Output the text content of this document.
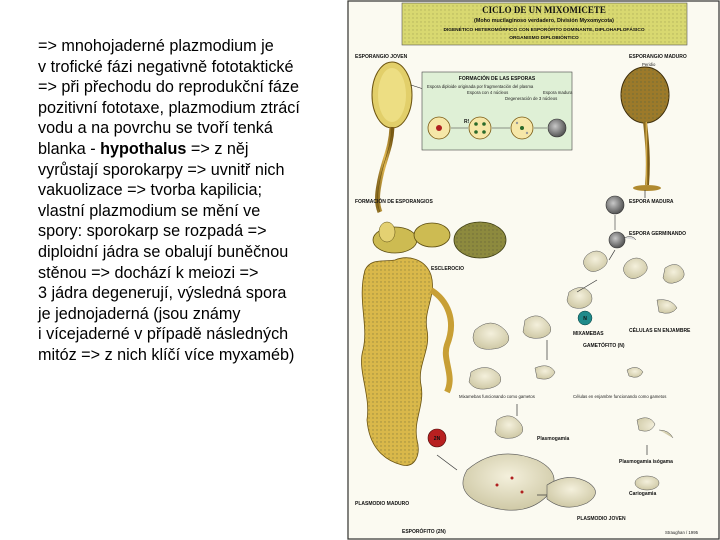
=> mnohojaderné plazmodium je
v trofické fázi negativně fototaktické
=> při přechodu do reprodukční fáze
pozitivní fototaxe, plazmodium ztrácí
vodu a na povrchu se tvoří tenká
blanka - hypothalus => z něj
vyrůstají sporokarpy => uvnitř nich
vakuolizace => tvorba kapilicia;
vlastní plazmodium se mění ve
spory: sporokarp se rozpadá =>
diploidní jádra se obalují buněčnou
stěnou => dochází k meiozi =>
3 jádra degenerují, výsledná spora
je jednojaderná (jsou známy
i vícejaderné v případě následných
mitóz => z nich klíčí více myxaméb)
CICLO DE UN MIXOMICETE
(Moho mucilaginoso verdadero, División Myxomycota)
DIGENÉTICO HETEROMÓRFICO CON ESPORÓFITO DOMINANTE, DIPLOHAPLOFÁSICO
ORGANISMO DIPLOBIÓNTICO
ESPORANGIO JOVEN
FORMACIÓN DE LAS ESPORAS
Espora diploide originada por fragmentación del plasma
Espora con 4 núcleos
Degeneración de 3 núcleos
Espora madura
R!
ESPORANGIO MADURO
Peridio
FORMACIÓN DE ESPORANGIOS	ESPORA MADURA
ESPORA GERMINANDO
ESCLEROCIO
2N
N
MIXAMEBAS	CÉLULAS EN ENJAMBRE
GAMETÓFITO (N)
Mixamebas funcionando como gametos	Células en enjambre funcionando como gametos
Plasmogamia
Plasmogamia isógama
Cariogamia
PLASMODIO MADURO
PLASMODIO JOVEN
ESPORÓFITO (2N)	Straughan / 1995
